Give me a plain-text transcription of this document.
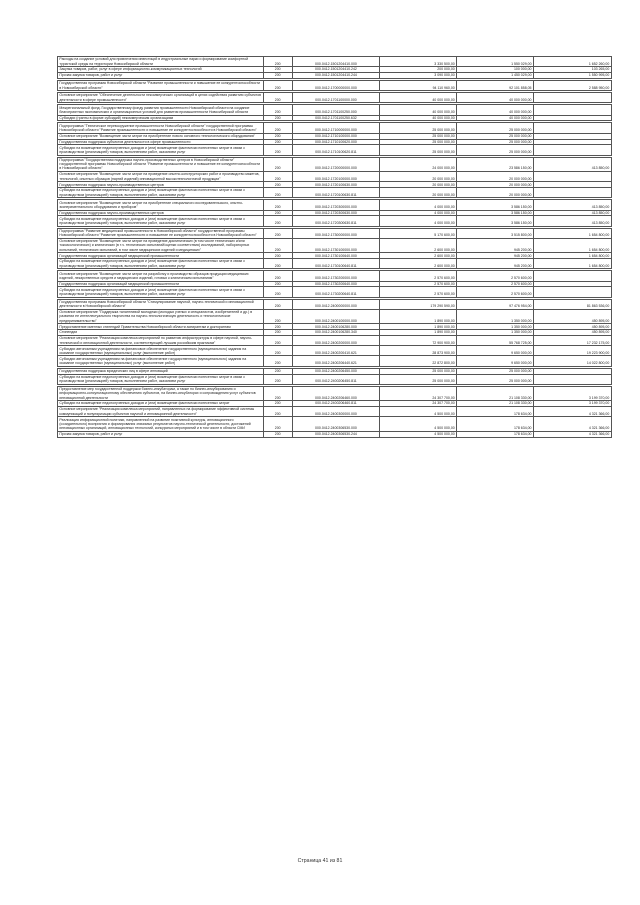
Расходы на создание условий для привлечения инвестиций в индустриальные парки и формирование комфортной туристской среды на территории Новосибирской области	200	000.0412.1501204410.000	3 330 500,00	1 550 029,00	1 652 260,00
Закупка товаров, работ, услуг в сфере информационно-коммуникационных технологий	200	000.0412.1501204410.242	200 000,00	100 000,00	103 265,00
Прочая закупка товаров, работ и услуг	200	000.0412.1501204410.244	3 090 000,00	1 450 029,00	1 550 995,00

Государственная программа Новосибирской области "Развитие промышленности и повышение ее конкурентоспособности в Новосибирской области"	200	000.0412.1700000000.000	94 110 960,00	92 101 858,05	2 588 950,00

Основное мероприятие "Обеспечение деятельности некоммерческих организаций в целях содействия развитию субъектов деятельности в сфере промышленности"	200	000.0412.1701100000.000	40 000 000,00	40 000 000,00	

Межрегиональный фонд. Государственному фонду развития промышленности Новосибирской области на создание благоприятных экономических и организационных условий для развития промышленности Новосибирской области	200	000.0412.1701100250.000	40 000 000,00	40 000 000,00	
Субсидии (гранты в форме субсидий) некоммерческим организациям	200	000.0412.1701100250.632	40 000 000,00	40 000 000,00	

Подпрограмма "Техническое перевооружение промышленности Новосибирской области" государственной программы Новосибирской области "Развитие промышленности и повышение ее конкурентоспособности в Новосибирской области"	200	000.0412.1710000000.000	25 000 000,00	25 000 000,00	
Основное мероприятие "Возмещение части затрат на приобретение нового основного технологического оборудования"	200	000.0412.1710100000.000	25 000 000,00	25 000 000,00	
Государственная поддержка субъектов деятельности в сфере промышленности	200	000.0412.1710100620.000	25 000 000,00	25 000 000,00	
Субсидии на возмещение недополученных доходов и (или) возмещение фактически понесенных затрат в связи с производством (реализацией) товаров, выполнением работ, оказанием услуг	200	000.0412.1710100620.811	25 000 000,00	25 000 000,00	

Подпрограмма "Государственная поддержка научно-производственных центров в Новосибирской области" государственной программы Новосибирской области "Развитие промышленности и повышение ее конкурентоспособности в Новосибирской области"	200	000.0412.1720000000.000	24 000 000,00	23 586 150,00	413 850,00
Основное мероприятие "Возмещение части затрат на проведение опытно-конструкторских работ и производство макетов, технологий, опытных образцов (партий изделий) инновационной высокотехнологичной продукции"	200	000.0412.1720100000.000	20 000 000,00	20 000 000,00	
Государственная поддержка научно-производственных центров	200	000.0412.1720100630.000	20 000 000,00	20 000 000,00	
Субсидии на возмещение недополученных доходов и (или) возмещение фактически понесенных затрат в связи с производством (реализацией) товаров, выполнением работ, оказанием услуг	200	000.0412.1720100630.811	20 000 000,00	20 000 000,00	

Основное мероприятие "Возмещение части затрат на приобретение специального исследовательского, опытно-экспериментального оборудования и приборов"	200	000.0412.1720300000.000	4 000 000,00	3 586 150,00	413 850,00
Государственная поддержка научно-производственных центров	200	000.0412.1720300630.000	4 000 000,00	3 586 150,00	413 850,00
Субсидии на возмещение недополученных доходов и (или) возмещение фактически понесенных затрат в связи с производством (реализацией) товаров, выполнением работ, оказанием услуг	200	000.0412.1720300630.811	4 000 000,00	3 586 150,00	413 850,00

Подпрограмма "Развитие медицинской промышленности в Новосибирской области" государственной программы Новосибирской области "Развитие промышленности и повышение ее конкурентоспособности в Новосибирской области"	200	000.0412.1730000000.000	5 170 600,00	3 515 800,00	1 654 800,00
Основное мероприятие "Возмещение части затрат на проведение доклинических (в том числе технических и/или токсикологических) и клинических (в т.ч. технических испытаний/оценки соответствия) исследований, лабораторных испытаний, технических испытаний, в том числе медицинских изделий и медицинских"	200	000.0412.1730100000.000	2 600 000,00	945 200,00	1 654 800,00
Государственная поддержка организаций медицинской промышленности	200	000.0412.1730100640.000	2 600 000,00	945 200,00	1 654 800,00
Субсидии на возмещение недополученных доходов и (или) возмещение фактически понесенных затрат в связи с производством (реализацией) товаров, выполнением работ, оказанием услуг	200	000.0412.1730100640.811	2 600 000,00	945 200,00	1 654 800,00

Основное мероприятие "Возмещение части затрат на разработку и производство образцов продукции медицинских изделий, лекарственных средств и медицинских изделий, готовых к клиническим испытаниям"	200	000.0412.1730200000.000	2 570 600,00	2 570 600,00	
Государственная поддержка организаций медицинской промышленности	200	000.0412.1730200640.000	2 570 600,00	2 570 600,00	
Субсидии на возмещение недополученных доходов и (или) возмещение фактически понесенных затрат в связи с производством (реализацией) товаров, выполнением работ, оказанием услуг	200	000.0412.1730200640.811	2 570 600,00	2 570 600,00	

Государственная программа Новосибирской области "Стимулирование научной, научно-технической и инновационной деятельности в Новосибирской области"	200	000.0412.2400000000.000	179 290 590,00	97 476 954,00	81 863 536,00
Основное мероприятие "Поддержка талантливой молодежи (молодых ученых и специалистов, изобретателей и др.) в развитии ее интеллектуального творчества на научно-технологическую деятельность и технологическое предпринимательство"	200	000.0412.2400100000.000	1 890 000,00	1 350 000,00	450 895,00
Предоставление именных стипендий Правительства Новосибирской области аспирантам и докторантам	200	000.0412.2400106280.000	1 890 000,00	1 350 000,00	450 895,00
Стипендии	200	000.0412.2400106280.340	1 890 000,00	1 350 000,00	450 895,00
Основное мероприятие "Реализация комплекса мероприятий по развитию инфраструктуры в сфере научной, научно-технической и инновационной деятельности, соответствующей лучшим российским практикам"	200	000.0412.2400200000.000	72 900 900,00	55 768 725,00	17 232 175,00
Субсидии автономным учреждениям на финансовое обеспечение государственного (муниципального) задания на оказание государственных (муниципальных) услуг (выполнение работ)	200	000.0412.2400200410.621	28 873 900,00	9 650 000,00	19 223 900,00
Субсидии автономным учреждениям на финансовое обеспечение государственного (муниципального) задания на оказание государственных (муниципальных) услуг (выполнение работ)	200	000.0412.2400206440.621	22 872 800,00	9 650 000,00	14 022 800,00

Государственная поддержка юридических лиц в сфере инноваций	200	000.0412.2400206450.000	25 000 000,00	25 000 000,00	
Субсидии на возмещение недополученных доходов и (или) возмещение фактически понесенных затрат в связи с производством (реализацией) товаров, выполнением работ, оказанием услуг	200	000.0412.2400206450.811	25 000 000,00	25 000 000,00	

Предоставление мер государственной поддержки бизнес-инкубаторам, а также по бизнес-инкубированию и информационно-консультационному обеспечению субъектов, на бизнес-инкубаторах и сопровождению услуг субъектов инновационной деятельности	200	000.0412.2400206460.000	24 307 700,00	21 108 330,00	3 199 370,00
Субсидии на возмещение недополученных доходов и (или) возмещение фактически понесенных затрат	200	000.0412.2400206460.811	24 307 700,00	21 108 330,00	3 199 370,00
Основное мероприятие "Реализация комплекса мероприятий, направленных на формирование эффективной системы коммуникаций и популяризации субъектов научной и инновационной деятельности"	200	000.0412.2400300000.000	4 500 000,00	178 634,00	4 321 366,00
Реализация информационной политики, направленной на развитие позитивной культуры, инновационного (созидательного) восприятия и формирования значимых результатов научно-технической деятельности, достижений инновационных организаций, инновационных технологий, конкурсных мероприятий и в том числе в области СМИ	200	000.0412.2400306530.000	4 500 000,00	178 634,00	4 321 366,00
Прочая закупка товаров, работ и услуг	200	000.0412.2400306530.244	4 500 000,00	178 634,00	4 321 366,00
Страница 41 из 81
